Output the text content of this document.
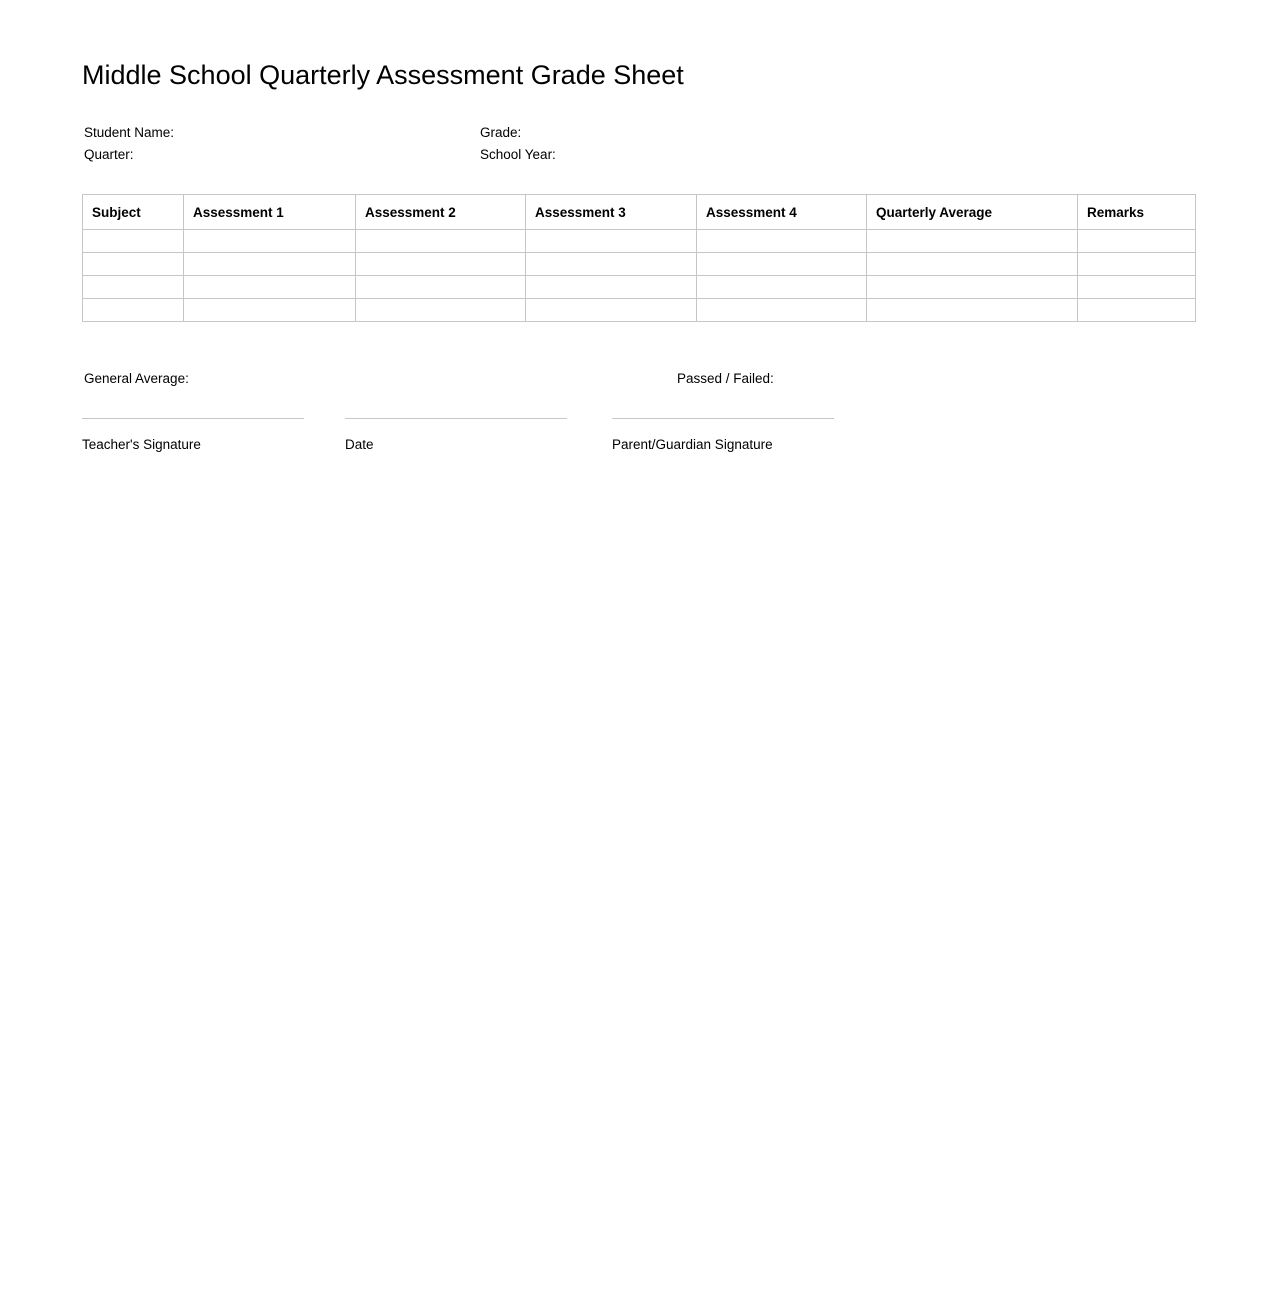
Middle School Quarterly Assessment Grade Sheet
Student Name:	Grade:
Quarter:	School Year:
Subject	Assessment 1	Assessment 2	Assessment 3	Assessment 4	Quarterly Average	Remarks

General Average:	Passed / Failed:
Teacher's Signature	Date	Parent/Guardian Signature
